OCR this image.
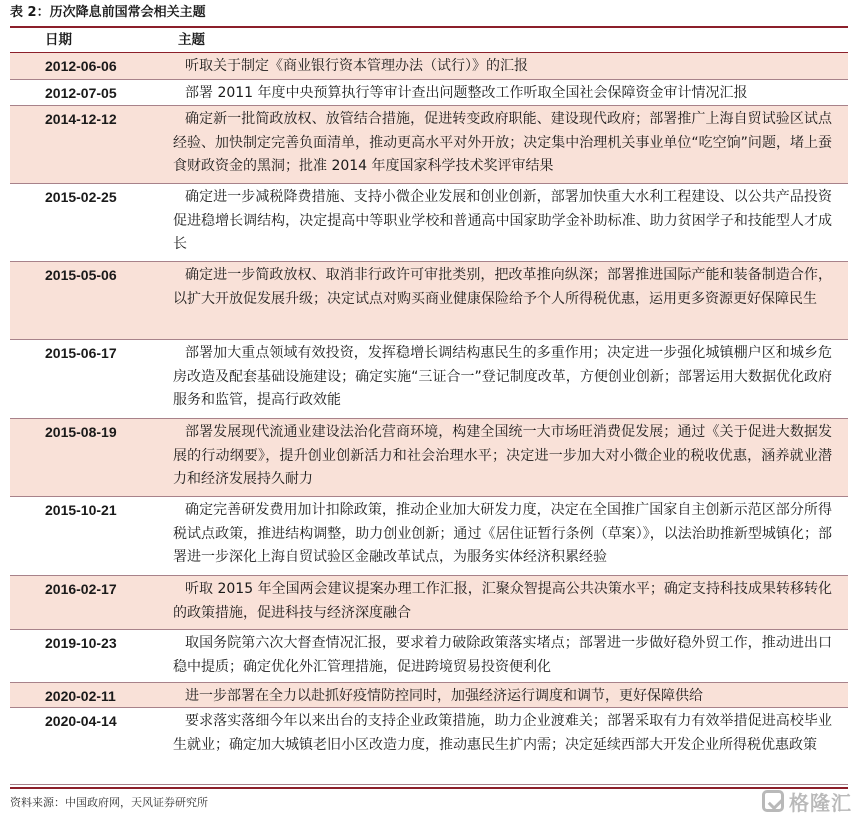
表 2：历次降息前国常会相关主题
日期	主题
2012-06-06	听取关于制定《商业银行资本管理办法（试行）》的汇报
2012-07-05	部署 2011 年度中央预算执行等审计查出问题整改工作听取全国社会保障资金审计情况汇报
2014-12-12	确定新一批简政放权、放管结合措施，促进转变政府职能、建设现代政府；部署推广上海自贸试验区试点经验、加快制定完善负面清单，推动更高水平对外开放；决定集中治理机关事业单位“吃空饷”问题，堵上蚕食财政资金的黑洞；批准 2014 年度国家科学技术奖评审结果
2015-02-25	确定进一步减税降费措施、支持小微企业发展和创业创新，部署加快重大水利工程建设、以公共产品投资促进稳增长调结构，决定提高中等职业学校和普通高中国家助学金补助标准、助力贫困学子和技能型人才成长
2015-05-06	确定进一步简政放权、取消非行政许可审批类别，把改革推向纵深；部署推进国际产能和装备制造合作，以扩大开放促发展升级；决定试点对购买商业健康保险给予个人所得税优惠，运用更多资源更好保障民生
2015-06-17	部署加大重点领域有效投资，发挥稳增长调结构惠民生的多重作用；决定进一步强化城镇棚户区和城乡危房改造及配套基础设施建设；确定实施“三证合一”登记制度改革，方便创业创新；部署运用大数据优化政府服务和监管，提高行政效能
2015-08-19	部署发展现代流通业建设法治化营商环境，构建全国统一大市场旺消费促发展；通过《关于促进大数据发展的行动纲要》，提升创业创新活力和社会治理水平；决定进一步加大对小微企业的税收优惠，涵养就业潜力和经济发展持久耐力
2015-10-21	确定完善研发费用加计扣除政策，推动企业加大研发力度，决定在全国推广国家自主创新示范区部分所得税试点政策，推进结构调整，助力创业创新；通过《居住证暂行条例（草案）》，以法治助推新型城镇化；部署进一步深化上海自贸试验区金融改革试点，为服务实体经济积累经验
2016-02-17	听取 2015 年全国两会建议提案办理工作汇报，汇聚众智提高公共决策水平；确定支持科技成果转移转化的政策措施，促进科技与经济深度融合
2019-10-23	取国务院第六次大督查情况汇报，要求着力破除政策落实堵点；部署进一步做好稳外贸工作，推动进出口稳中提质；确定优化外汇管理措施，促进跨境贸易投资便利化
2020-02-11	进一步部署在全力以赴抓好疫情防控同时，加强经济运行调度和调节，更好保障供给
2020-04-14	要求落实落细今年以来出台的支持企业政策措施，助力企业渡难关；部署采取有力有效举措促进高校毕业生就业；确定加大城镇老旧小区改造力度，推动惠民生扩内需；决定延续西部大开发企业所得税优惠政策
资料来源：中国政府网，天风证券研究所	格隆汇
